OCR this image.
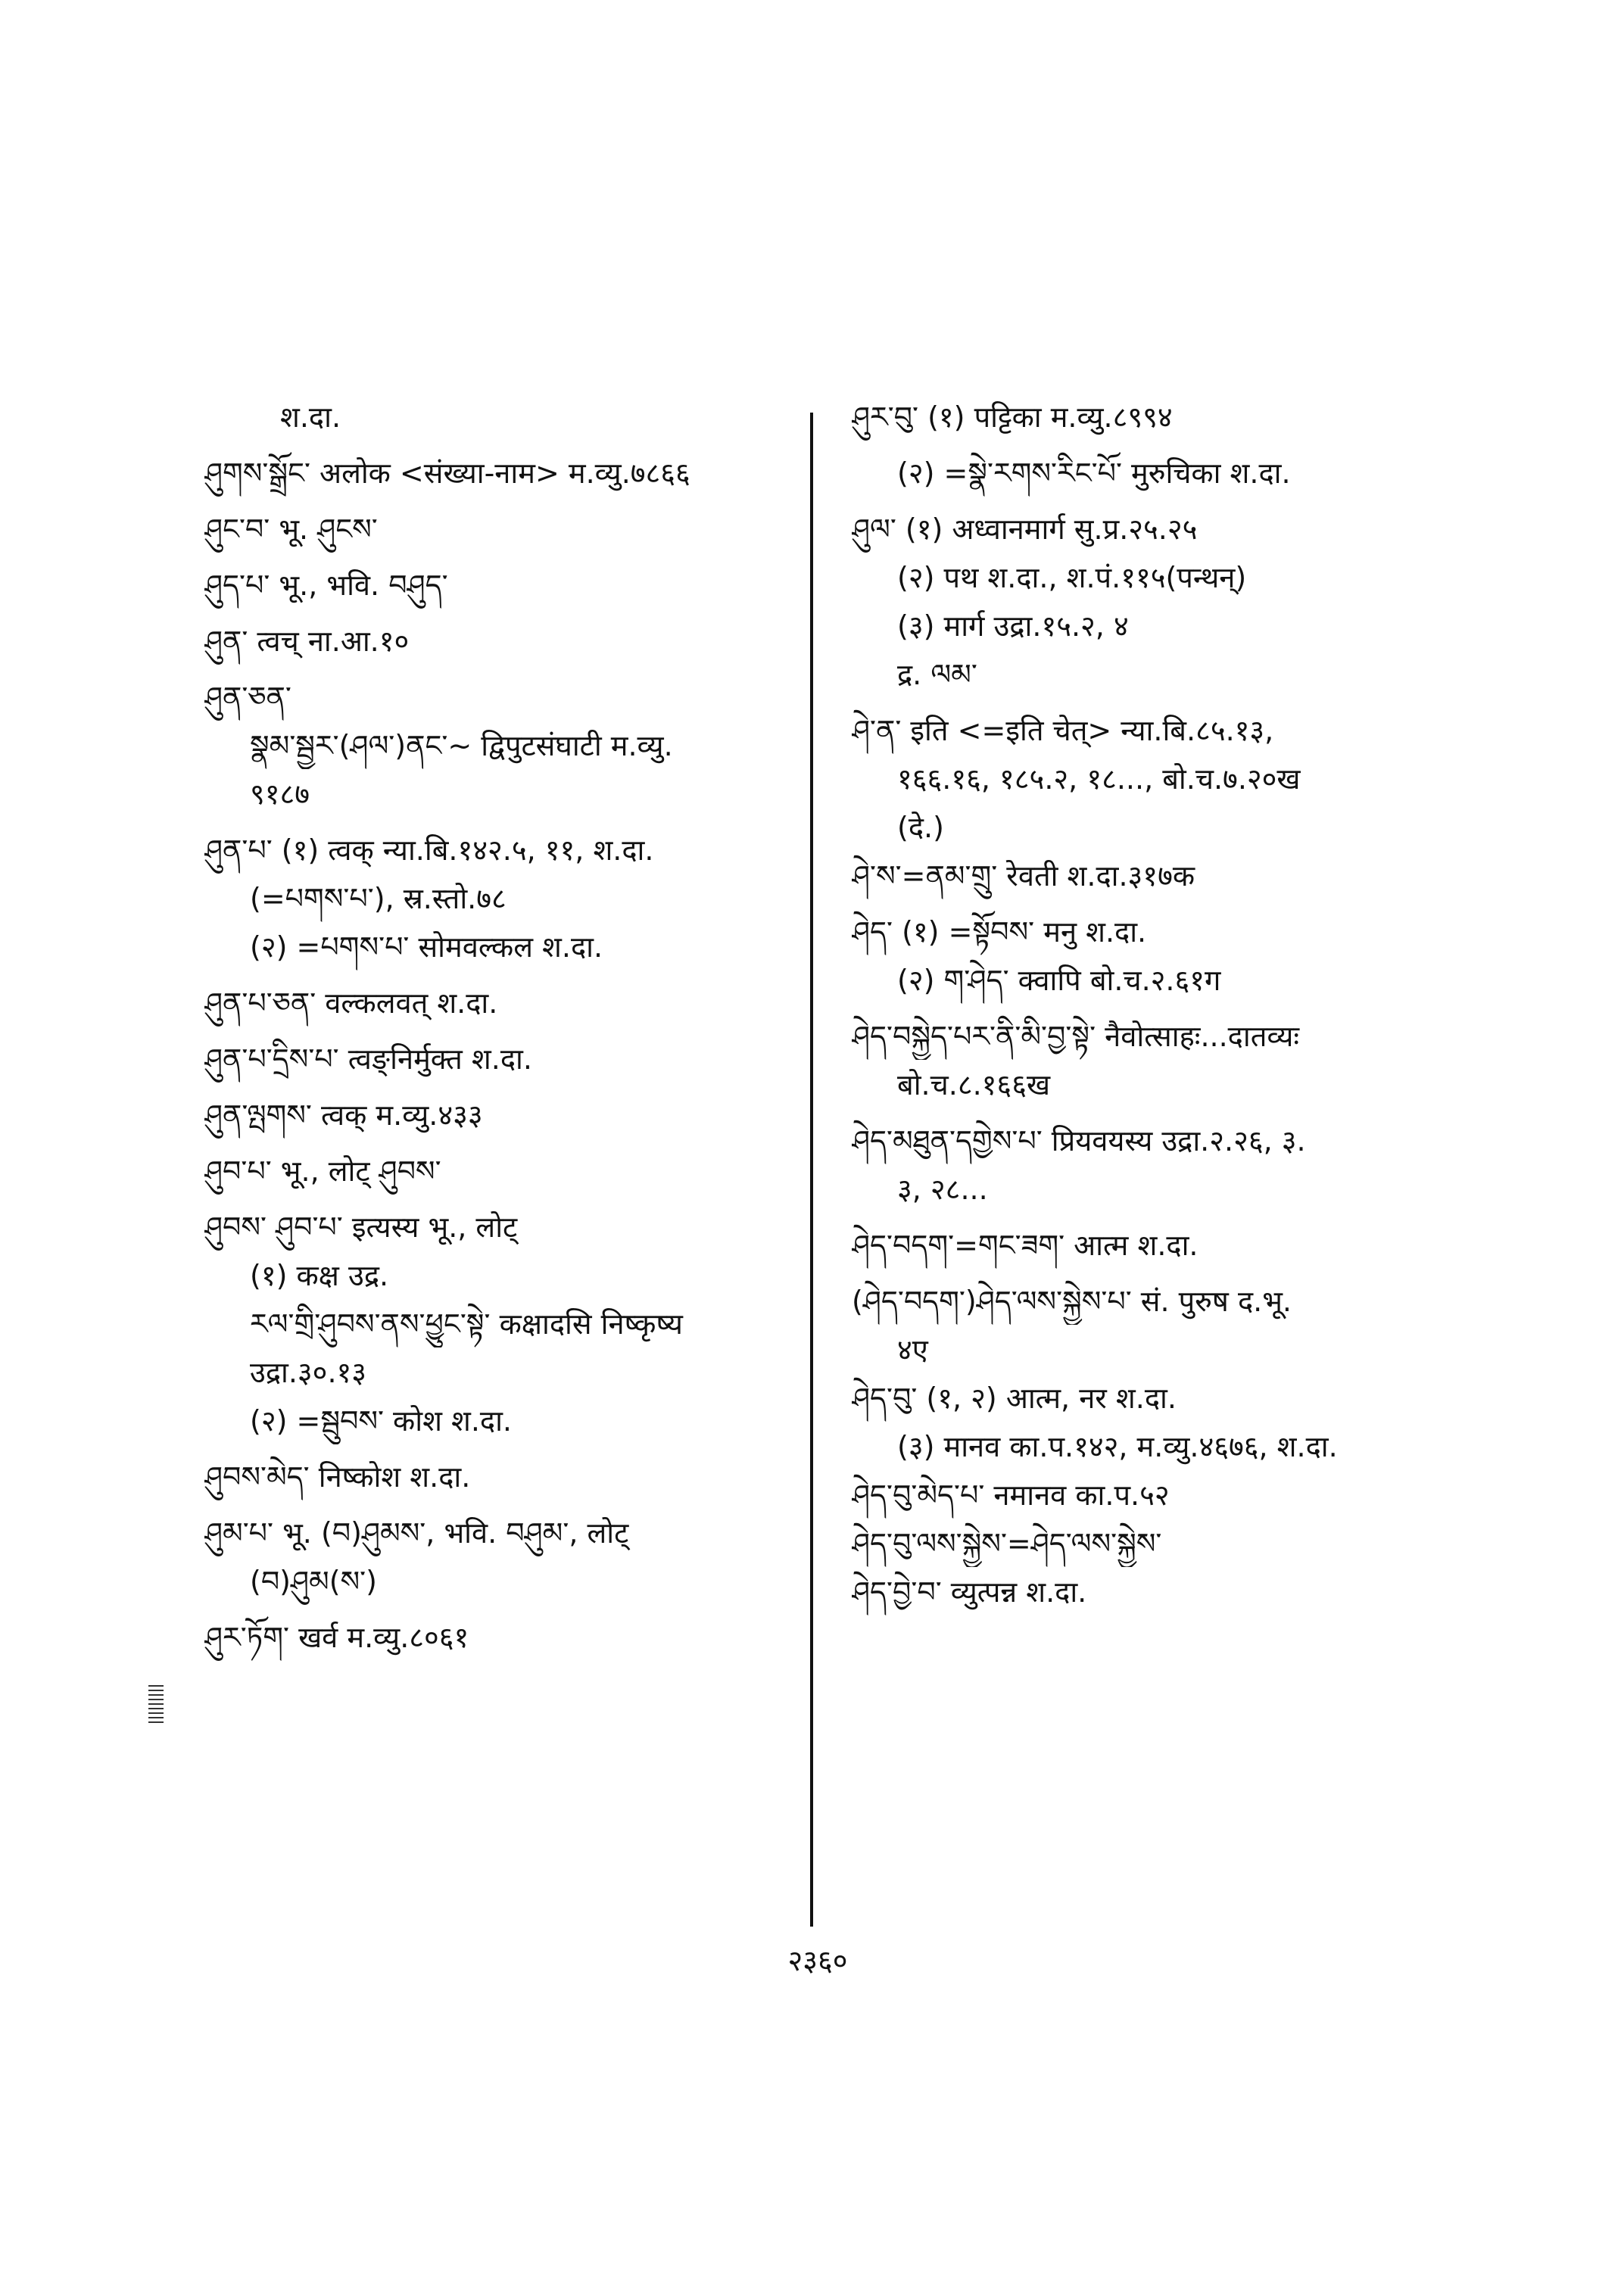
श.दा.
ཤུགས་སྒྲོང་ अलोक <संख्या-नाम> म.व्यु.७८६६
ཤུང་བ་ भू. ཤུངས་
ཤུད་པ་ भू., भवि. བཤུད་
ཤུན་ त्वच् ना.आ.१०
ཤུན་ཅན་
སྣམ་སྦྱར་(ཤལ་)ནང་~ द्विपुटसंघाटी म.व्यु.
९१८७
ཤུན་པ་ (१) त्वक् न्या.बि.१४२.५, ११, श.दा.
(=པགས་པ་), स्र.स्तो.७८
(२) =པགས་པ་ सोमवल्कल श.दा.
ཤུན་པ་ཅན་ वल्कलवत् श.दा.
ཤུན་པ་དྲིས་པ་ त्वङ्निर्मुक्त श.दा.
ཤུན་ལྤགས་ त्वक् म.व्यु.४३३
ཤུབ་པ་ भू., लोट् ཤུབས་
ཤུབས་ ཤུབ་པ་ इत्यस्य भू., लोट्
(१) कक्ष उद्र.
རལ་གྲི་ཤུབས་ནས་ཕྱུང་སྟེ་ कक्षादसि निष्कृष्य
उद्रा.३०.१३
(२) =སྦུབས་ कोश श.दा.
ཤུབས་མེད་ निष्कोश श.दा.
ཤུམ་པ་ भू. (བ)ཤུམས་, भवि. བཤུམ་, लोट्
(བ)ཤུམ(ས་)
ཤུར་ཏོག་ खर्व म.व्यु.८०६१
ཤུར་བུ་ (१) पट्टिका म.व्यु.८९९४
(२) =སྣེ་རགས་རིང་པོ་ मुरुचिका श.दा.
ཤུལ་ (१) अध्वानमार्ग सु.प्र.२५.२५
(२) पथ श.दा., श.पं.११५(पन्थन्)
(३) मार्ग उद्रा.१५.२, ४
द्र. ལམ་
ཤེ་ན་ इति <=इति चेत्> न्या.बि.८५.१३,
१६६.१६, १८५.२, १८..., बो.च.७.२०ख
(दे.)
ཤེ་ས་=ནམ་གྲུ་ रेवती श.दा.३१७क
ཤེད་ (१) =སྟོབས་ मनु श.दा.
(२) ག་ཤེད་ क्वापि बो.च.२.६१ग
ཤེད་བསྐྱེད་པར་ནི་མི་བྱ་སྟེ་ नैवोत्साहः...दातव्यः
बो.च.८.१६६ख
ཤེད་མཐུན་དགྱེས་པ་ प्रियवयस्य उद्रा.२.२६, ३.
३, २८...
ཤེད་བདག་=གང་ཟག་ आत्म श.दा.
(ཤེད་བདག་)ཤེད་ལས་སྐྱེས་པ་ सं. पुरुष द.भू.
४ए
ཤེད་བུ་ (१, २) आत्म, नर श.दा.
(३) मानव का.प.१४२, म.व्यु.४६७६, श.दा.
ཤེད་བུ་མེད་པ་ नमानव का.प.५२
ཤེད་བུ་ལས་སྐྱེས་=ཤེད་ལས་སྐྱེས་
ཤེད་བྱེ་བ་ व्युत्पन्न श.दा.
२३६०
